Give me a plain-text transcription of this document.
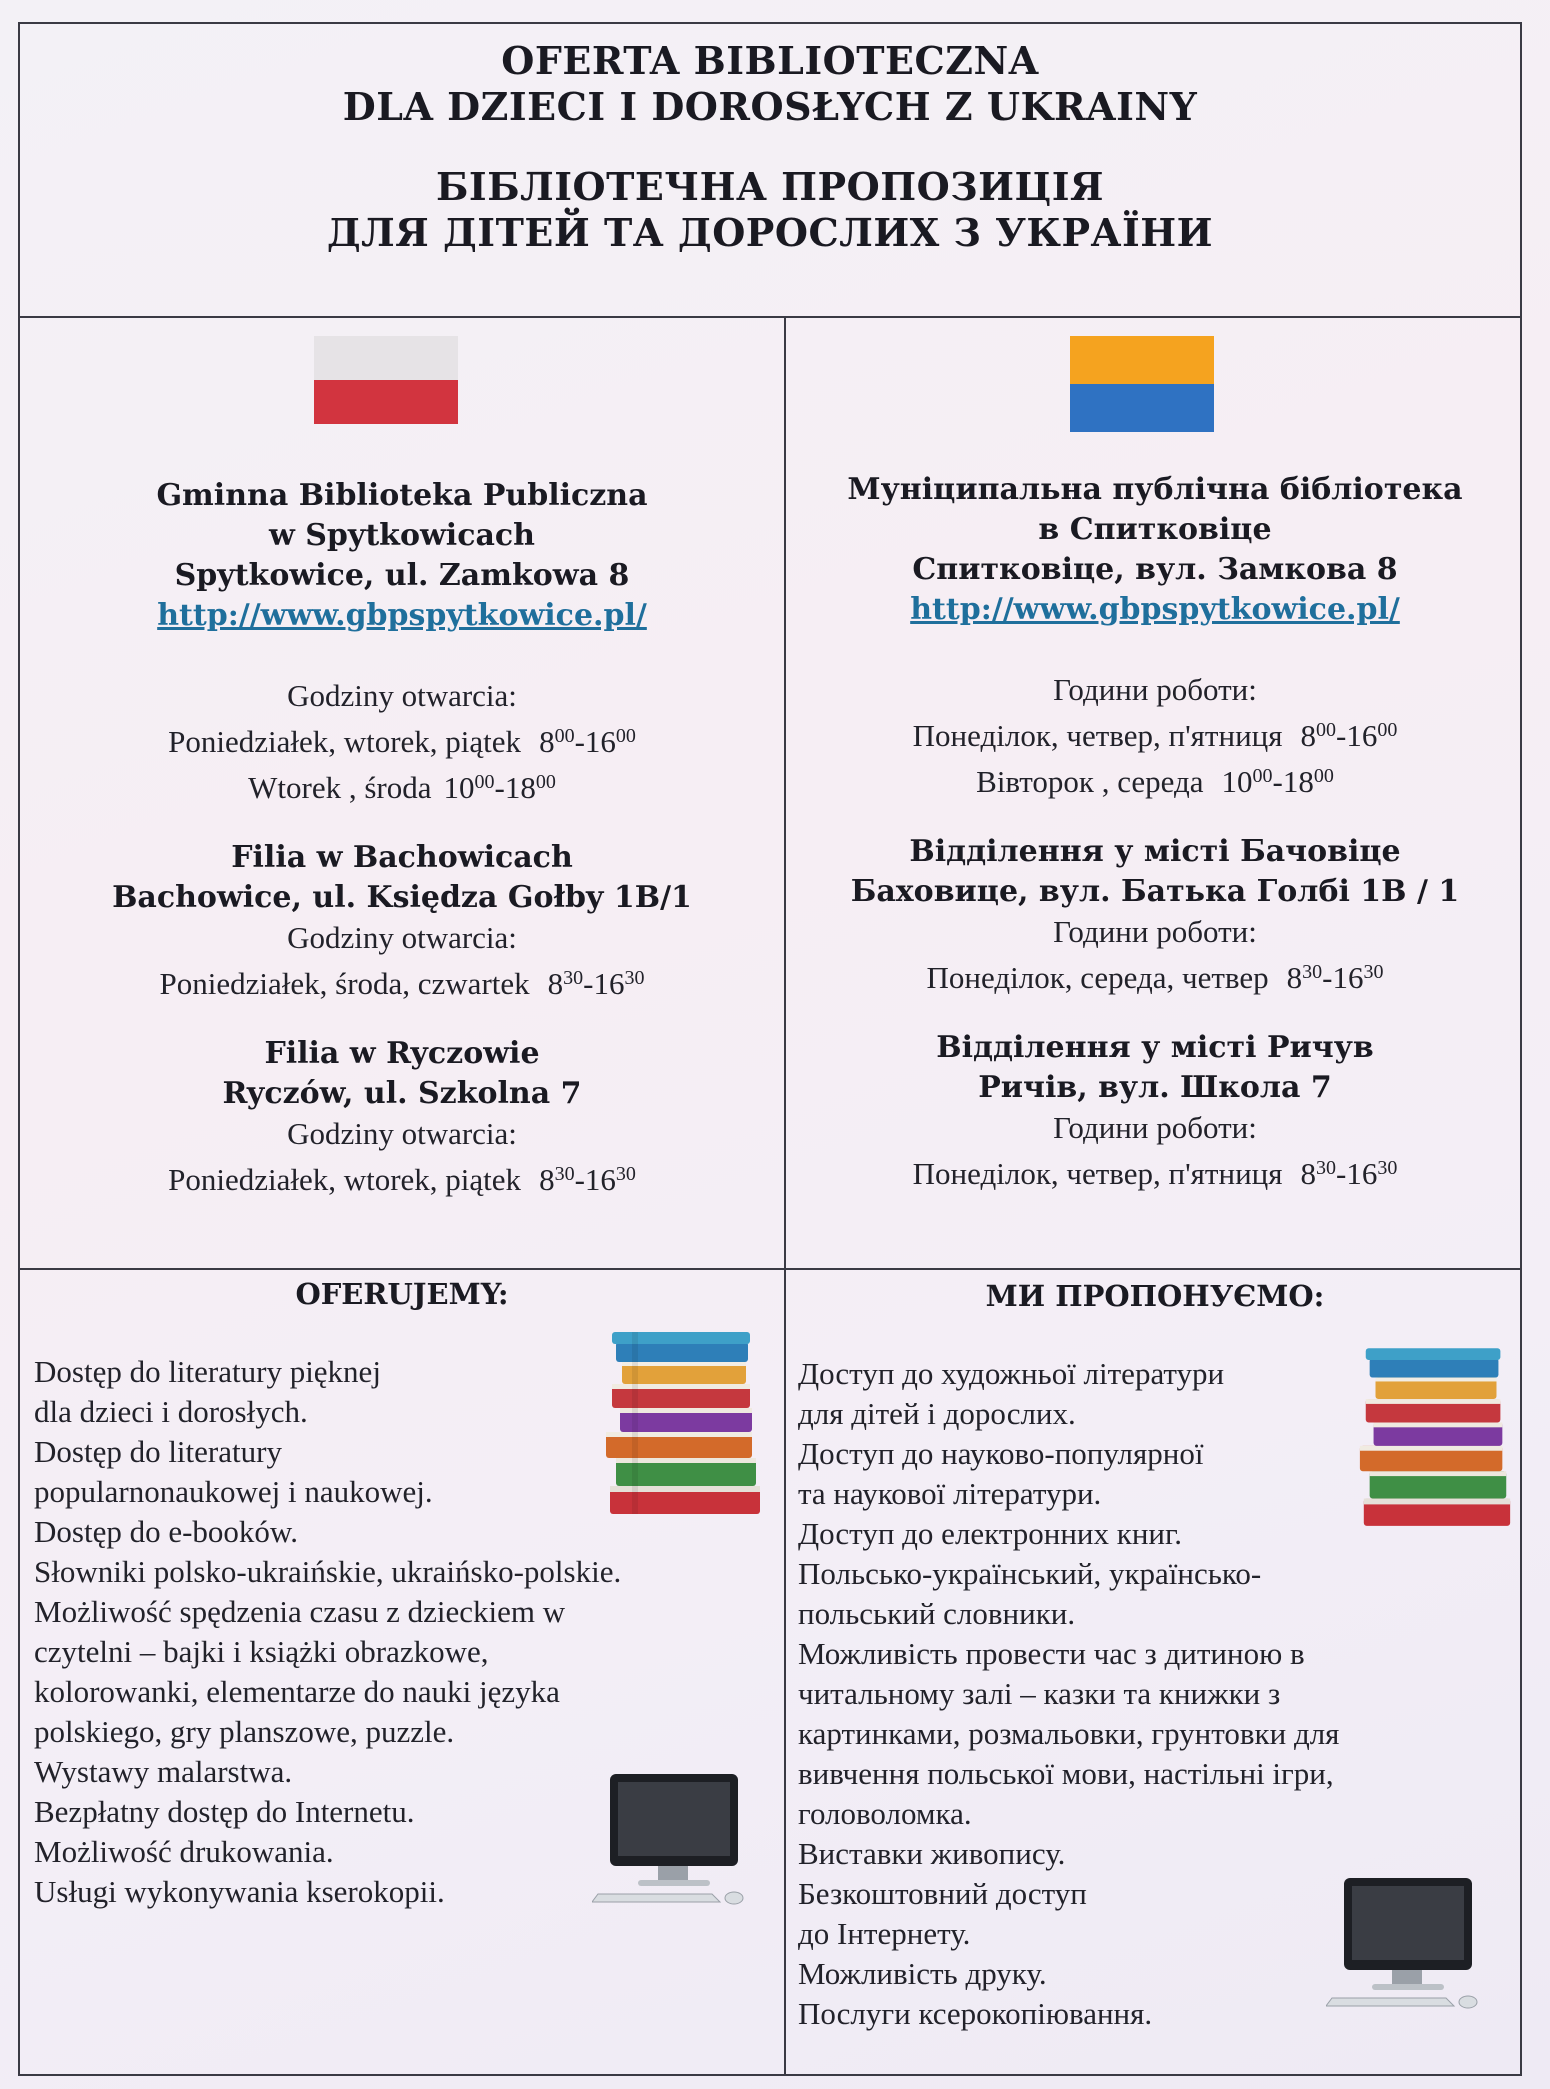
OFERTA BIBLIOTECZNA
DLA DZIECI I DOROSŁYCH Z UKRAINY
БІБЛІОТЕЧНА ПРОПОЗИЦІЯ
ДЛЯ ДІТЕЙ ТА ДОРОСЛИХ З УКРАЇНИ
Gminna Biblioteka Publiczna
w Spytkowicach
Spytkowice, ul. Zamkowa 8
http://www.gbpspytkowice.pl/
Godziny otwarcia:
Poniedziałek, wtorek, piątek $8^{00}-16^{00}$
Wtorek , środa $10^{00}-18^{00}$
Filia w Bachowicach
Bachowice, ul. Księdza Gołby 1B/1
Godziny otwarcia:
Poniedziałek, środa, czwartek $8^{30}-16^{30}$
Filia w Ryczowie
Ryczów, ul. Szkolna 7
Godziny otwarcia:
Poniedziałek, wtorek, piątek $8^{30}-16^{30}$
Муніципальна публічна бібліотека
в Спитковіце
Спитковіце, вул. Замкова 8
http://www.gbpspytkowice.pl/
Години роботи:
Понеділок, четвер, п'ятниця $8^{00}-16^{00}$
Вівторок , середа $10^{00}-18^{00}$
Відділення у місті Бачовіце
Баховице, вул. Батька Голбі 1В / 1
Години роботи:
Понеділок, середа, четвер $8^{30}-16^{30}$
Відділення у місті Ричув
Ричів, вул. Школа 7
Години роботи:
Понеділок, четвер, п'ятниця $8^{30}-16^{30}$
OFERUJEMY:	МИ ПРОПОНУЄМО:
Dostęp do literatury pięknej
dla dzieci i dorosłych.
Dostęp do literatury
popularnonaukowej i naukowej.
Dostęp do e-booków.
Słowniki polsko-ukraińskie, ukraińsko-polskie.
Możliwość spędzenia czasu z dzieckiem w
czytelni – bajki i książki obrazkowe,
kolorowanki, elementarze do nauki języka
polskiego, gry planszowe, puzzle.
Wystawy malarstwa.
Bezpłatny dostęp do Internetu.
Możliwość drukowania.
Usługi wykonywania kserokopii.
Доступ до художньої літератури
для дітей і дорослих.
Доступ до науково-популярної
та наукової літератури.
Доступ до електронних книг.
Польсько-український, українсько-
польський словники.
Можливість провести час з дитиною в
читальному залі – казки та книжки з
картинками, розмальовки, грунтовки для
вивчення польської мови, настільні ігри,
головоломка.
Виставки живопису.
Безкоштовний доступ
до Інтернету.
Можливість друку.
Послуги ксерокопіювання.
